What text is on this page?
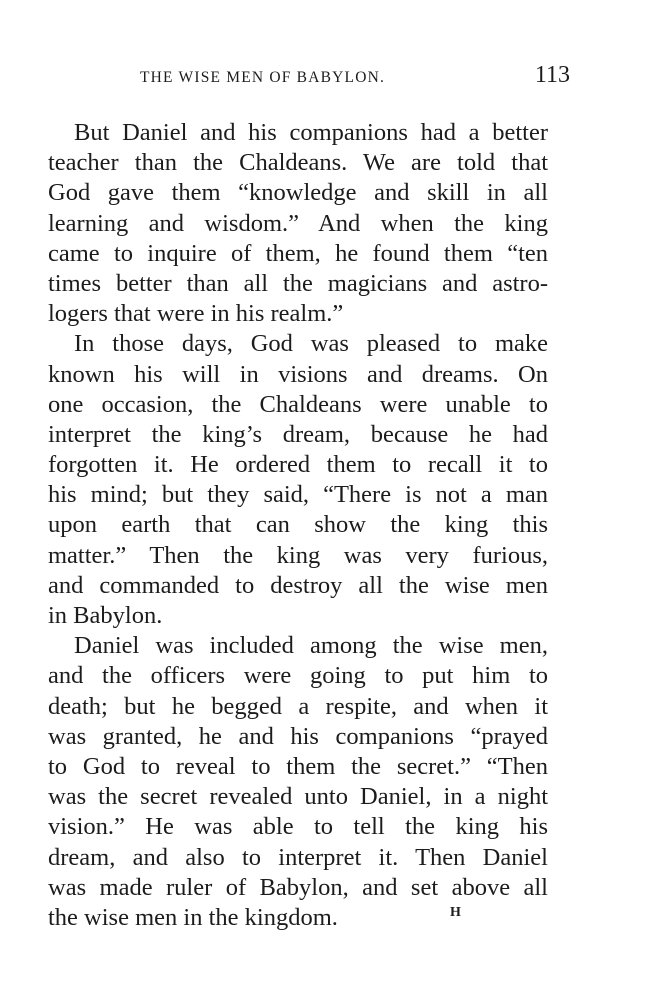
THE WISE MEN OF BABYLON.	113
But Daniel and his companions had a better
teacher than the Chaldeans. We are told that
God gave them “knowledge and skill in all
learning and wisdom.” And when the king
came to inquire of them, he found them “ten
times better than all the magicians and astro-
logers that were in his realm.”
In those days, God was pleased to make
known his will in visions and dreams. On
one occasion, the Chaldeans were unable to
interpret the king’s dream, because he had
forgotten it. He ordered them to recall it to
his mind; but they said, “There is not a man
upon earth that can show the king this
matter.” Then the king was very furious,
and commanded to destroy all the wise men
in Babylon.
Daniel was included among the wise men,
and the officers were going to put him to
death; but he begged a respite, and when it
was granted, he and his companions “prayed
to God to reveal to them the secret.” “Then
was the secret revealed unto Daniel, in a night
vision.” He was able to tell the king his
dream, and also to interpret it. Then Daniel
was made ruler of Babylon, and set above all
the wise men in the kingdom.	H
